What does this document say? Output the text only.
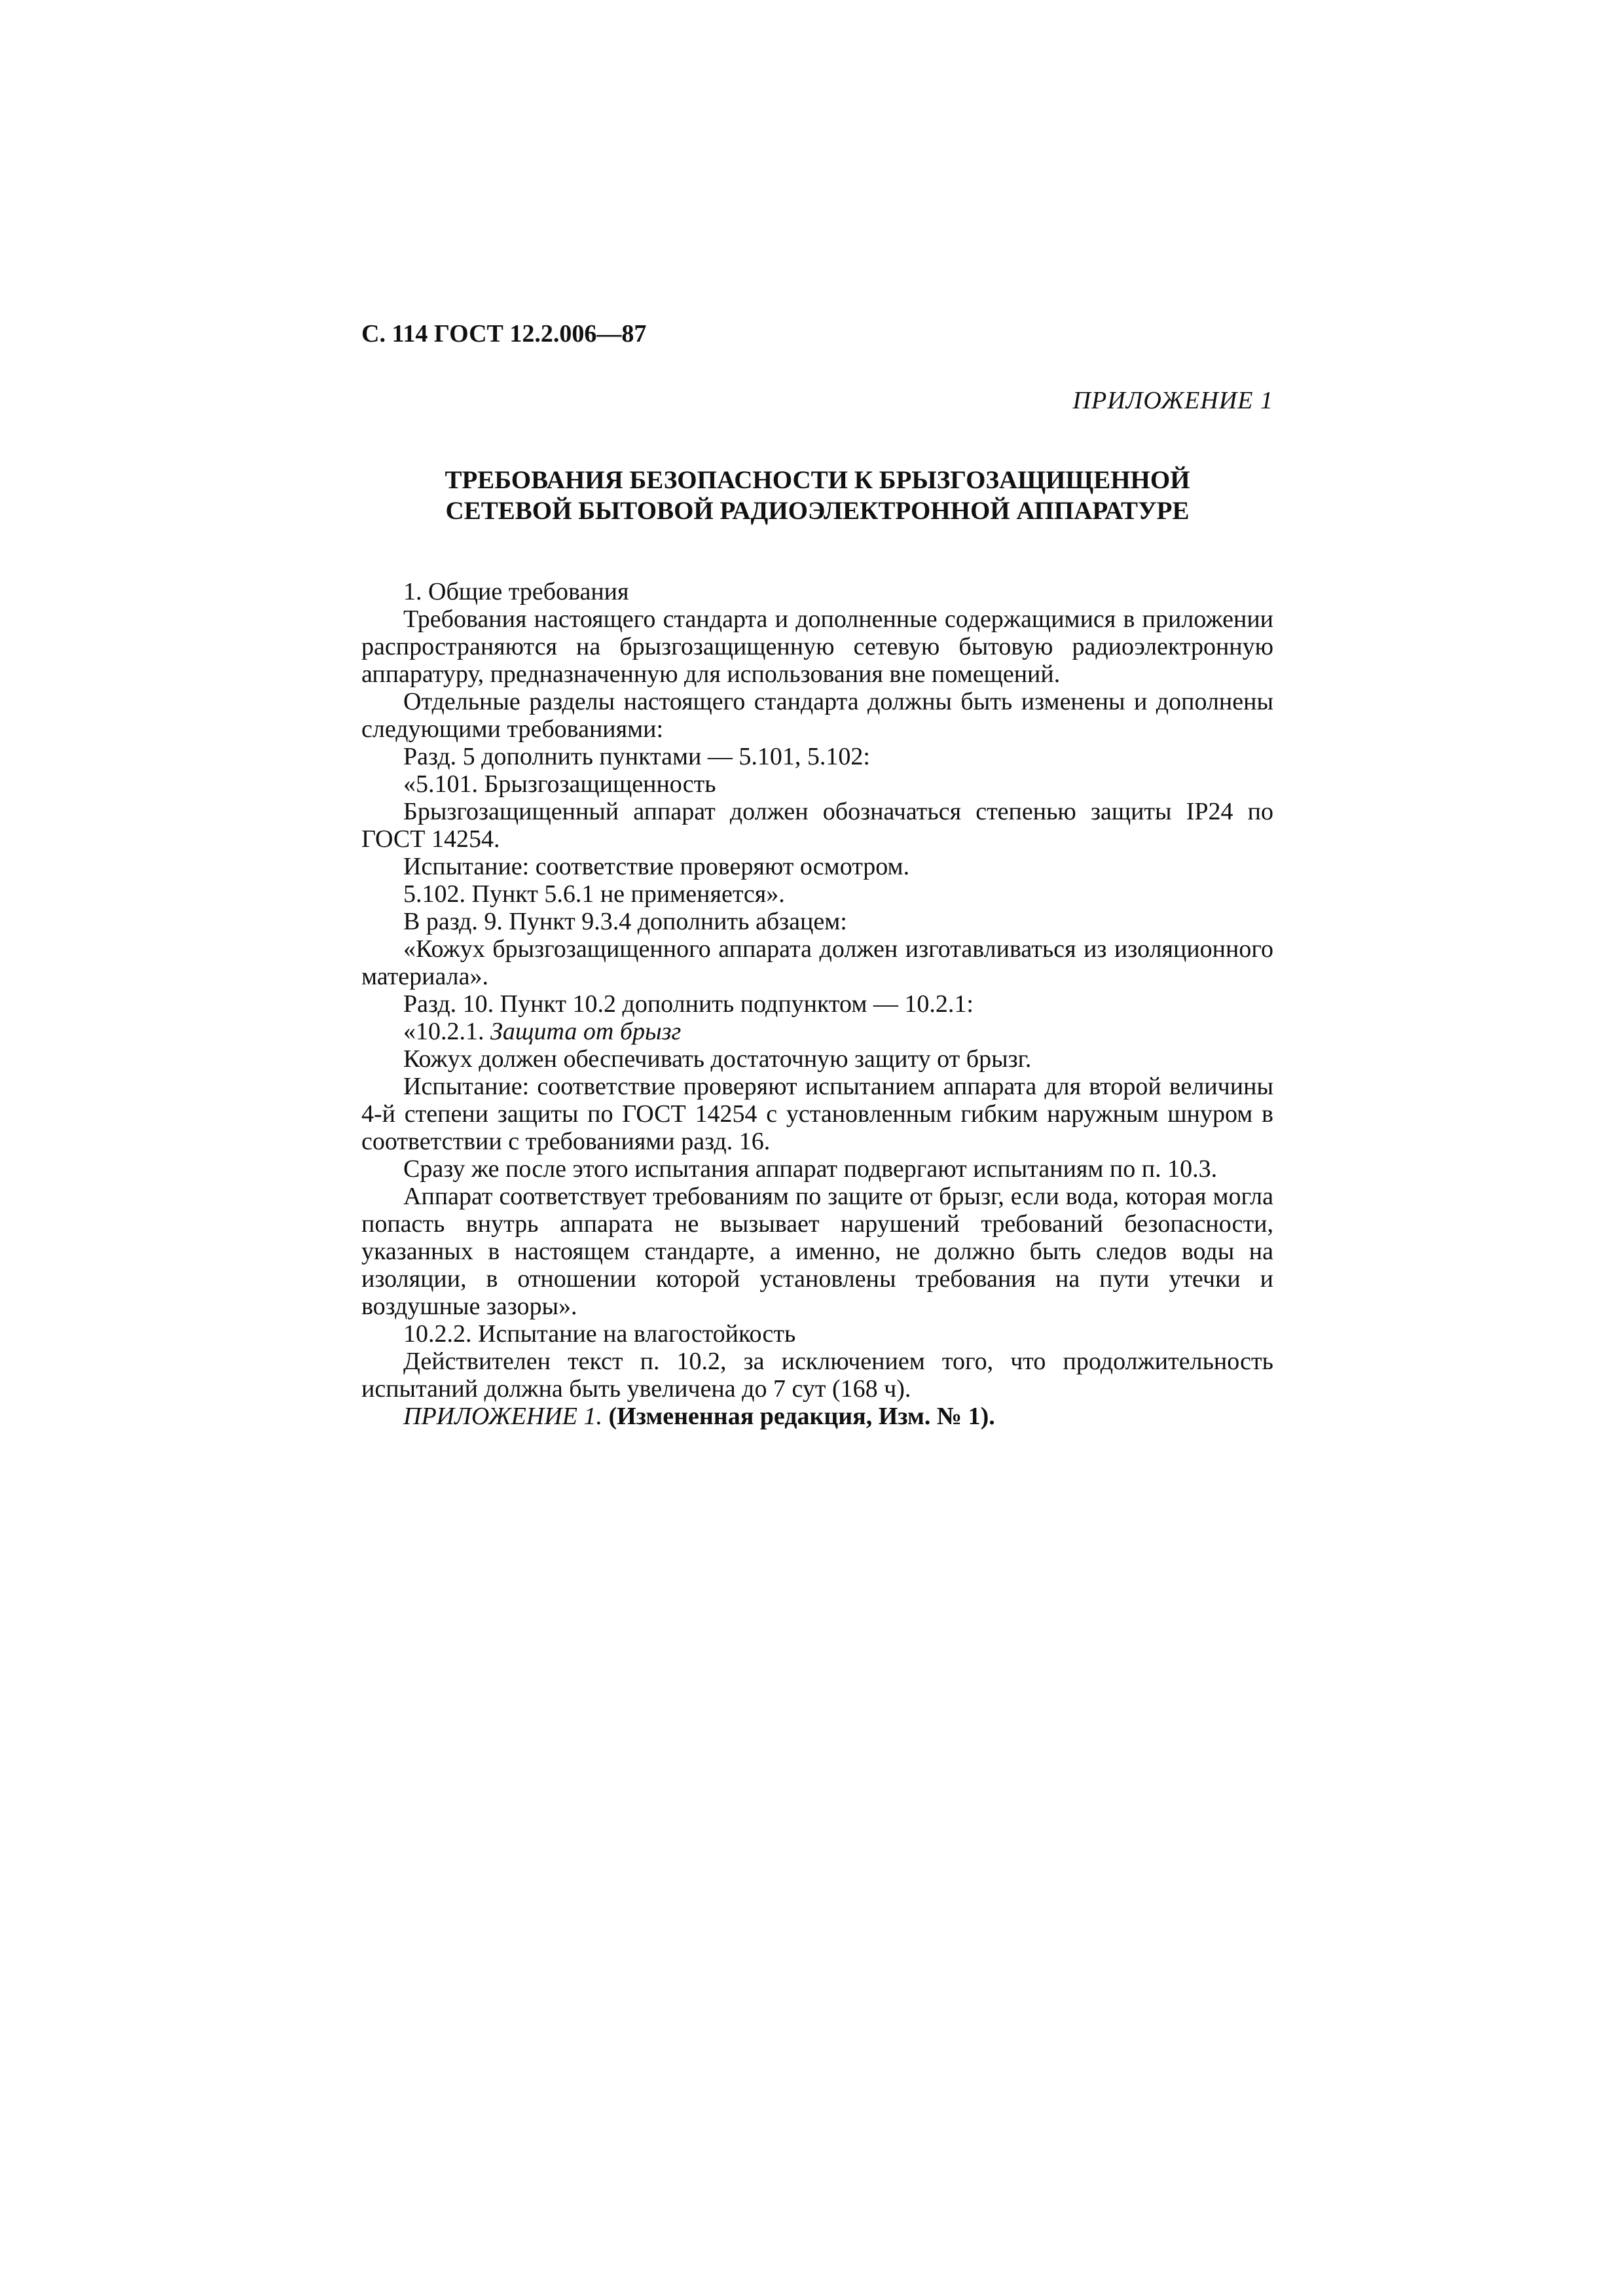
С. 114 ГОСТ 12.2.006—87
ПРИЛОЖЕНИЕ 1
ТРЕБОВАНИЯ БЕЗОПАСНОСТИ К БРЫЗГОЗАЩИЩЕННОЙ
СЕТЕВОЙ БЫТОВОЙ РАДИОЭЛЕКТРОННОЙ АППАРАТУРЕ

1. Общие требования

Требования настоящего стандарта и дополненные содержащимися в приложении распространяются на брызгозащищенную сетевую бытовую радиоэлектронную аппаратуру, предназначенную для использования вне помещений.

Отдельные разделы настоящего стандарта должны быть изменены и дополнены следующими требованиями:

Разд. 5 дополнить пунктами — 5.101, 5.102:

«5.101. Брызгозащищенность

Брызгозащищенный аппарат должен обозначаться степенью защиты IP24 по ГОСТ 14254.

Испытание: соответствие проверяют осмотром.

5.102. Пункт 5.6.1 не применяется».

В разд. 9. Пункт 9.3.4 дополнить абзацем:

«Кожух брызгозащищенного аппарата должен изготавливаться из изоляционного материала».

Разд. 10. Пункт 10.2 дополнить подпунктом — 10.2.1:

«10.2.1. Защита от брызг

Кожух должен обеспечивать достаточную защиту от брызг.

Испытание: соответствие проверяют испытанием аппарата для второй величины 4-й степени защиты по ГОСТ 14254 с установленным гибким наружным шнуром в соответствии с требованиями разд. 16.

Сразу же после этого испытания аппарат подвергают испытаниям по п. 10.3.

Аппарат соответствует требованиям по защите от брызг, если вода, которая могла попасть внутрь аппарата не вызывает нарушений требований безопасности, указанных в настоящем стандарте, а именно, не должно быть следов воды на изоляции, в отношении которой установлены требования на пути утечки и воздушные зазоры».

10.2.2. Испытание на влагостойкость

Действителен текст п. 10.2, за исключением того, что продолжительность испытаний должна быть увеличена до 7 сут (168 ч).

ПРИЛОЖЕНИЕ 1. (Измененная редакция, Изм. № 1).
